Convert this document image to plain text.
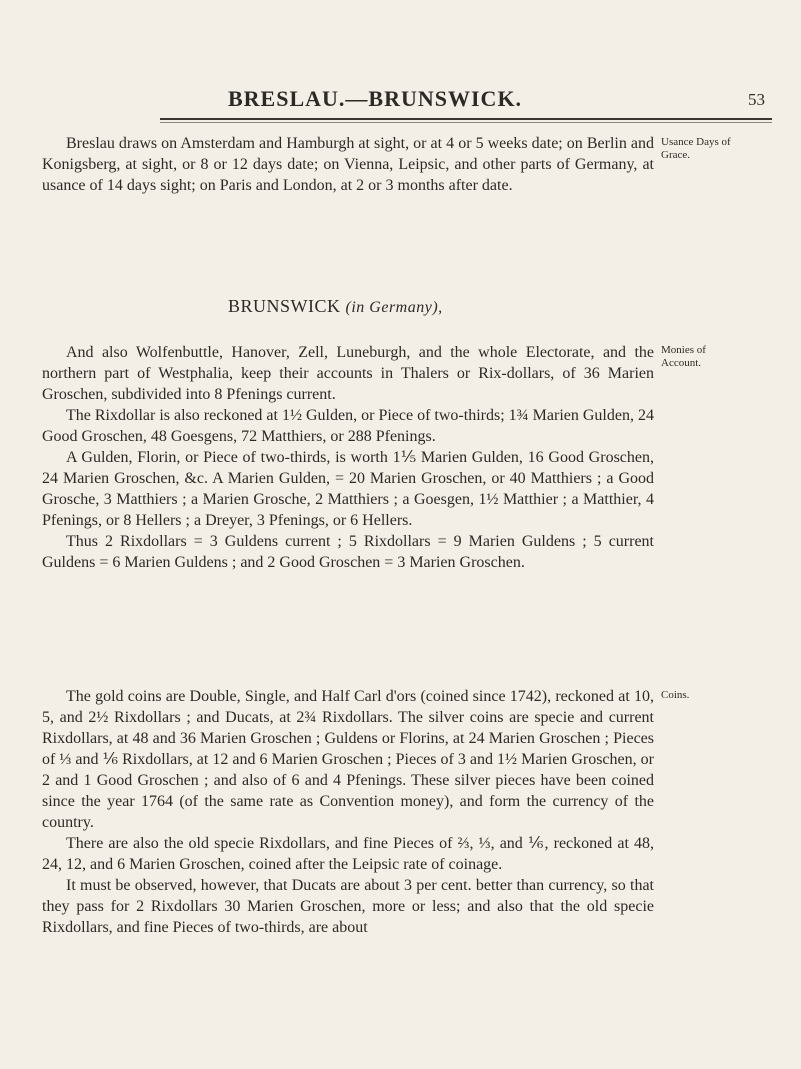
BRESLAU.—BRUNSWICK.	53

Breslau draws on Amsterdam and Hamburgh at sight, or at 4 or 5 weeks date; on Berlin and Konigsberg, at sight, or 8 or 12 days date; on Vienna, Leipsic, and other parts of Germany, at usance of 14 days sight; on Paris and London, at 2 or 3 months after date.

Usance Days of Grace.
BRUNSWICK (in Germany),

And also Wolfenbuttle, Hanover, Zell, Luneburgh, and the whole Electorate, and the northern part of Westphalia, keep their accounts in Thalers or Rix-dollars, of 36 Marien Groschen, subdivided into 8 Pfenings current.

The Rixdollar is also reckoned at 1½ Gulden, or Piece of two-thirds; 1¾ Marien Gulden, 24 Good Groschen, 48 Goesgens, 72 Matthiers, or 288 Pfenings.

A Gulden, Florin, or Piece of two-thirds, is worth 1⅕ Marien Gulden, 16 Good Groschen, 24 Marien Groschen, &c. A Marien Gulden, = 20 Marien Groschen, or 40 Matthiers ; a Good Grosche, 3 Matthiers ; a Marien Grosche, 2 Matthiers ; a Goesgen, 1½ Matthier ; a Matthier, 4 Pfenings, or 8 Hellers ; a Dreyer, 3 Pfenings, or 6 Hellers.

Thus 2 Rixdollars = 3 Guldens current ; 5 Rixdollars = 9 Marien Guldens ; 5 current Guldens = 6 Marien Guldens ; and 2 Good Groschen = 3 Marien Groschen.

Monies of Account.

The gold coins are Double, Single, and Half Carl d'ors (coined since 1742), reckoned at 10, 5, and 2½ Rixdollars ; and Ducats, at 2¾ Rixdollars. The silver coins are specie and current Rixdollars, at 48 and 36 Marien Groschen ; Guldens or Florins, at 24 Marien Groschen ; Pieces of ⅓ and ⅙ Rixdollars, at 12 and 6 Marien Groschen ; Pieces of 3 and 1½ Marien Groschen, or 2 and 1 Good Groschen ; and also of 6 and 4 Pfenings. These silver pieces have been coined since the year 1764 (of the same rate as Convention money), and form the currency of the country.

There are also the old specie Rixdollars, and fine Pieces of ⅔, ⅓, and ⅙, reckoned at 48, 24, 12, and 6 Marien Groschen, coined after the Leipsic rate of coinage.

It must be observed, however, that Ducats are about 3 per cent. better than currency, so that they pass for 2 Rixdollars 30 Marien Groschen, more or less; and also that the old specie Rixdollars, and fine Pieces of two-thirds, are about

Coins.
